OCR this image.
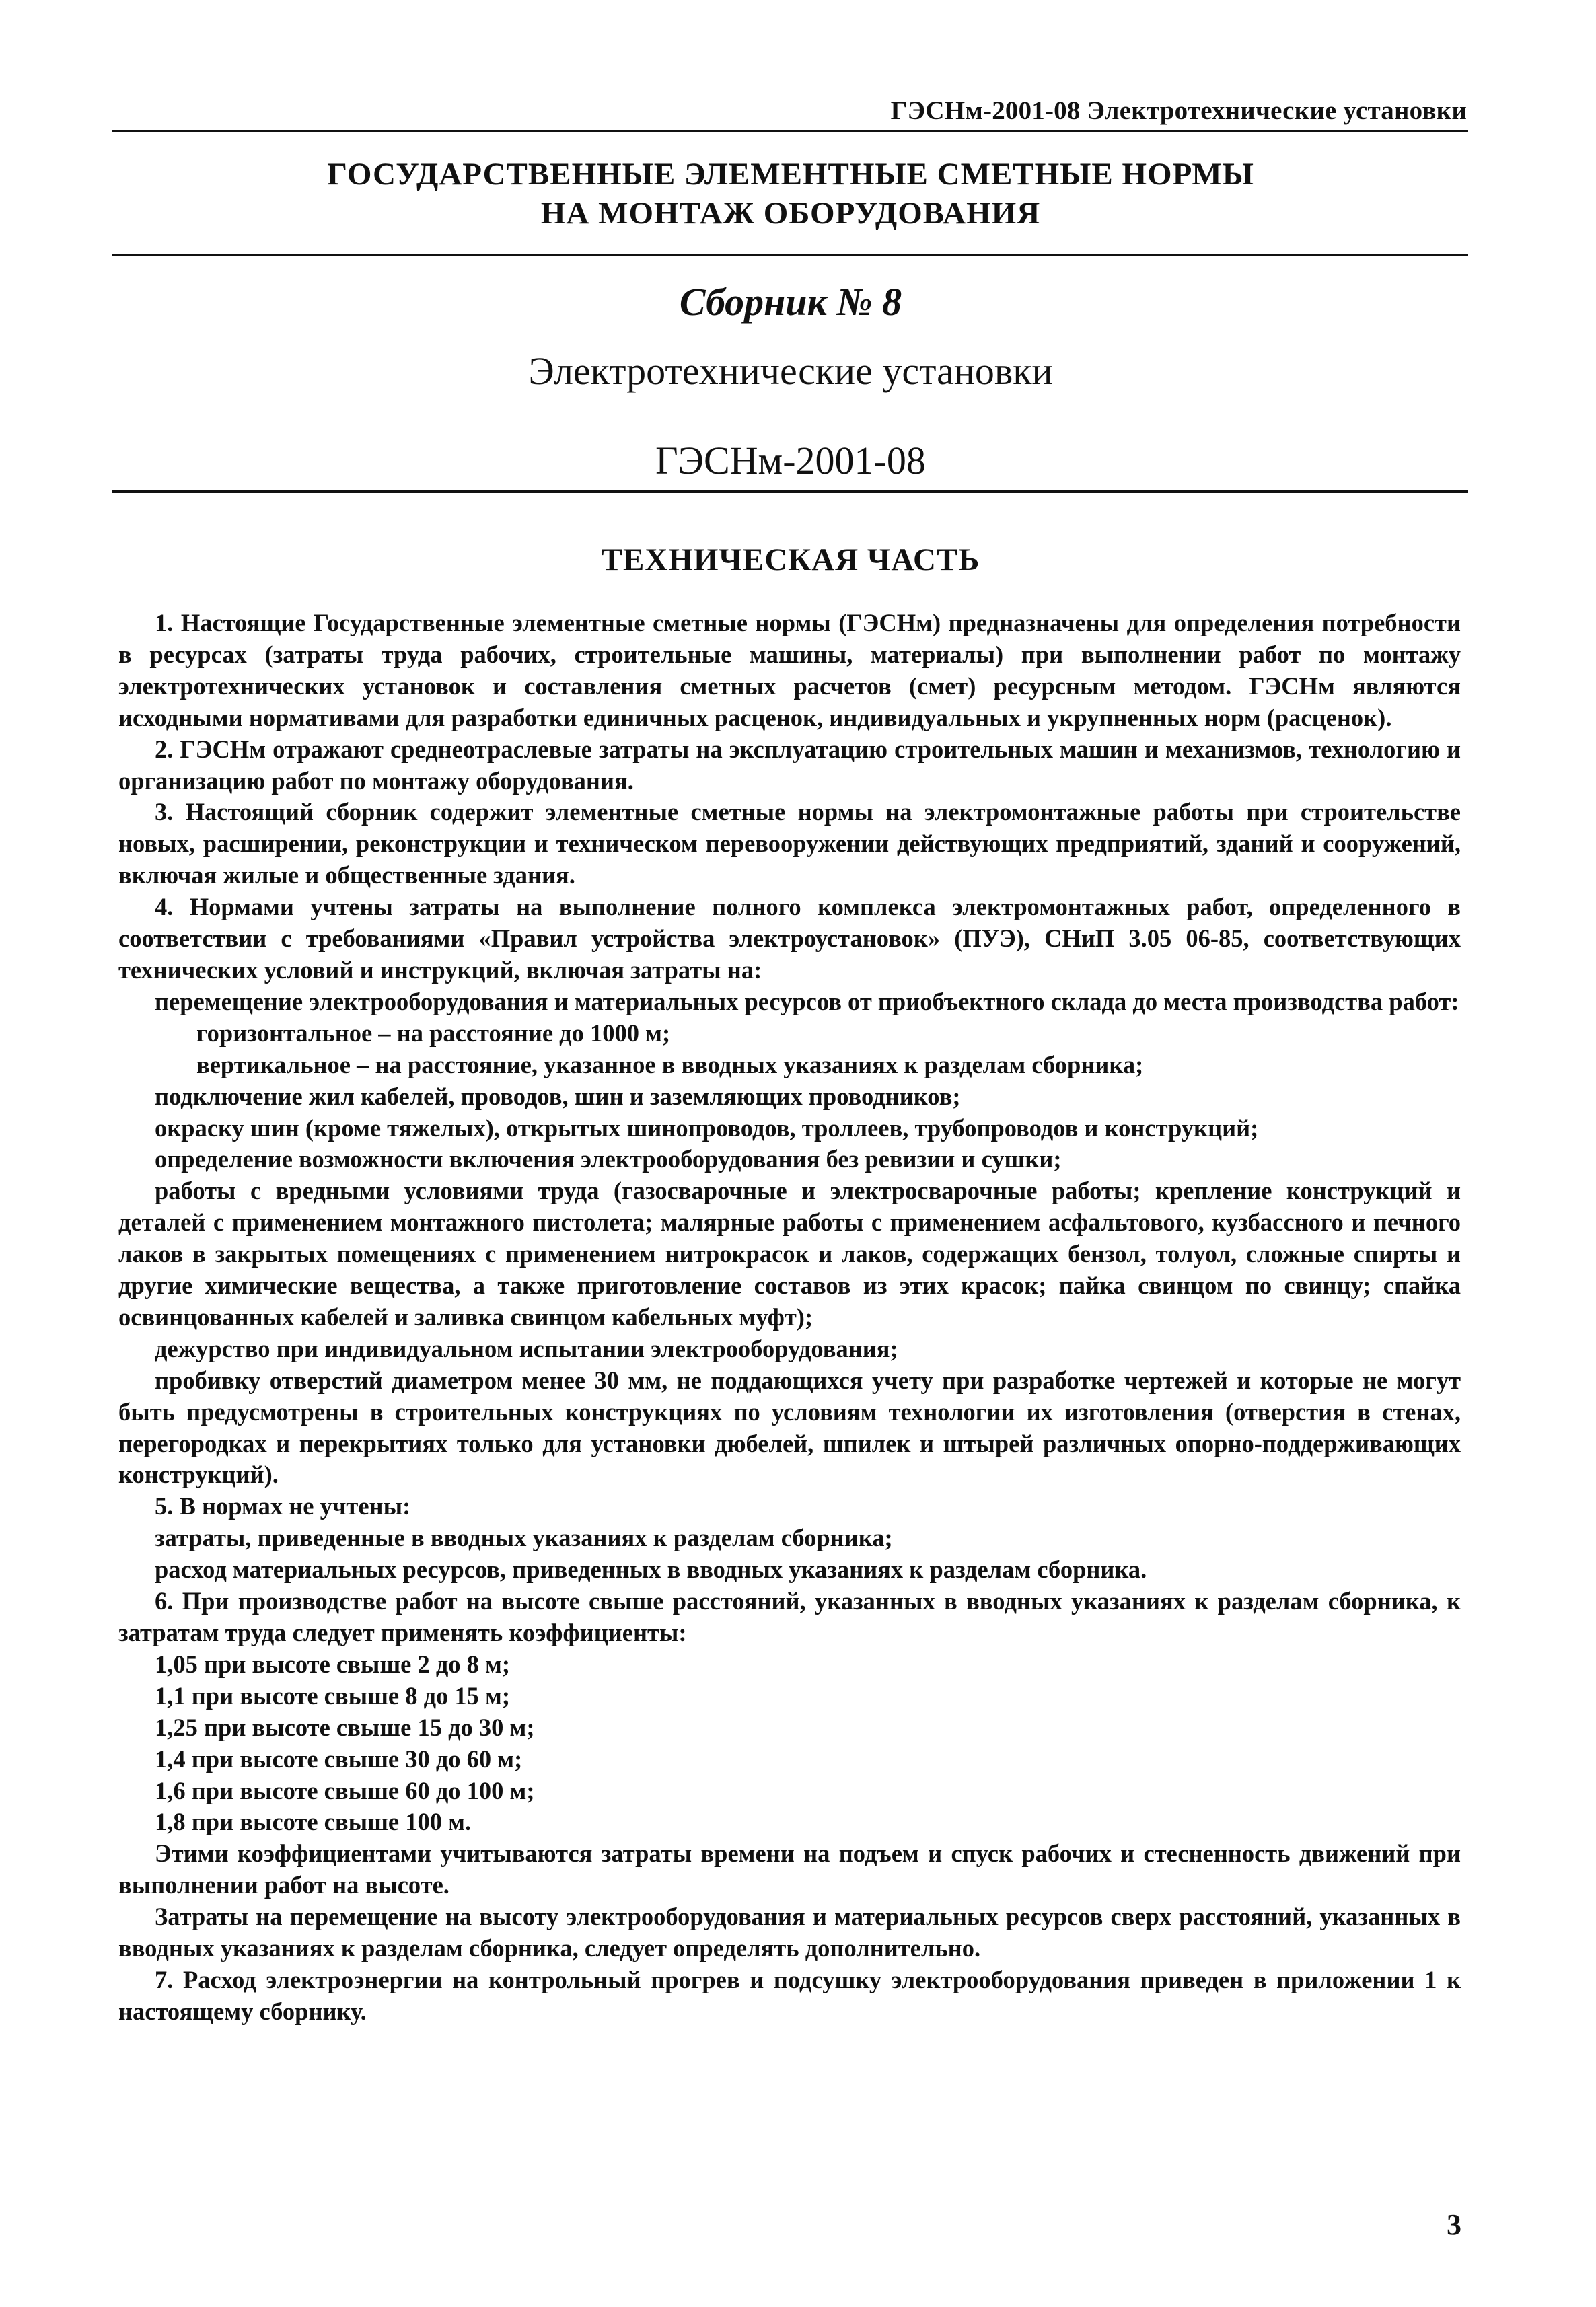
ГЭСНм-2001-08 Электротехнические установки
ГОСУДАРСТВЕННЫЕ ЭЛЕМЕНТНЫЕ СМЕТНЫЕ НОРМЫ
НА МОНТАЖ ОБОРУДОВАНИЯ
Сборник № 8
Электротехнические установки
ГЭСНм-2001-08
ТЕХНИЧЕСКАЯ ЧАСТЬ

1. Настоящие Государственные элементные сметные нормы (ГЭСНм) предназначены для определения потребности в ресурсах (затраты труда рабочих, строительные машины, материалы) при выполнении работ по монтажу электротехнических установок и составления сметных расчетов (смет) ресурсным методом. ГЭСНм являются исходными нормативами для разработки единичных расценок, индивидуальных и укрупненных норм (расценок).

2. ГЭСНм отражают среднеотраслевые затраты на эксплуатацию строительных машин и механизмов, технологию и организацию работ по монтажу оборудования.

3. Настоящий сборник содержит элементные сметные нормы на электромонтажные работы при строительстве новых, расширении, реконструкции и техническом перевооружении действующих предприятий, зданий и сооружений, включая жилые и общественные здания.

4. Нормами учтены затраты на выполнение полного комплекса электромонтажных работ, определенного в соответствии с требованиями «Правил устройства электроустановок» (ПУЭ), СНиП 3.05 06-85, соответствующих технических условий и инструкций, включая затраты на:

перемещение электрооборудования и материальных ресурсов от приобъектного склада до места производства работ:

горизонтальное – на расстояние до 1000 м;

вертикальное – на расстояние, указанное в вводных указаниях к разделам сборника;

подключение жил кабелей, проводов, шин и заземляющих проводников;

окраску шин (кроме тяжелых), открытых шинопроводов, троллеев, трубопроводов и конструкций;

определение возможности включения электрооборудования без ревизии и сушки;

работы с вредными условиями труда (газосварочные и электросварочные работы; крепление конструкций и деталей с применением монтажного пистолета; малярные работы с применением асфальтового, кузбассного и печного лаков в закрытых помещениях с применением нитрокрасок и лаков, содержащих бензол, толуол, сложные спирты и другие химические вещества, а также приготовление составов из этих красок; пайка свинцом по свинцу; спайка освинцованных кабелей и заливка свинцом кабельных муфт);

дежурство при индивидуальном испытании электрооборудования;

пробивку отверстий диаметром менее 30 мм, не поддающихся учету при разработке чертежей и которые не могут быть предусмотрены в строительных конструкциях по условиям технологии их изготовления (отверстия в стенах, перегородках и перекрытиях только для установки дюбелей, шпилек и штырей различных опорно-поддерживающих конструкций).

5. В нормах не учтены:

затраты, приведенные в вводных указаниях к разделам сборника;

расход материальных ресурсов, приведенных в вводных указаниях к разделам сборника.

6. При производстве работ на высоте свыше расстояний, указанных в вводных указаниях к разделам сборника, к затратам труда следует применять коэффициенты:

1,05 при высоте свыше 2 до 8 м;

1,1 при высоте свыше 8 до 15 м;

1,25 при высоте свыше 15 до 30 м;

1,4 при высоте свыше 30 до 60 м;

1,6 при высоте свыше 60 до 100 м;

1,8 при высоте свыше 100 м.

Этими коэффициентами учитываются затраты времени на подъем и спуск рабочих и стесненность движений при выполнении работ на высоте.

Затраты на перемещение на высоту электрооборудования и материальных ресурсов сверх расстояний, указанных в вводных указаниях к разделам сборника, следует определять дополнительно.

7. Расход электроэнергии на контрольный прогрев и подсушку электрооборудования приведен в приложении 1 к настоящему сборнику.

3
